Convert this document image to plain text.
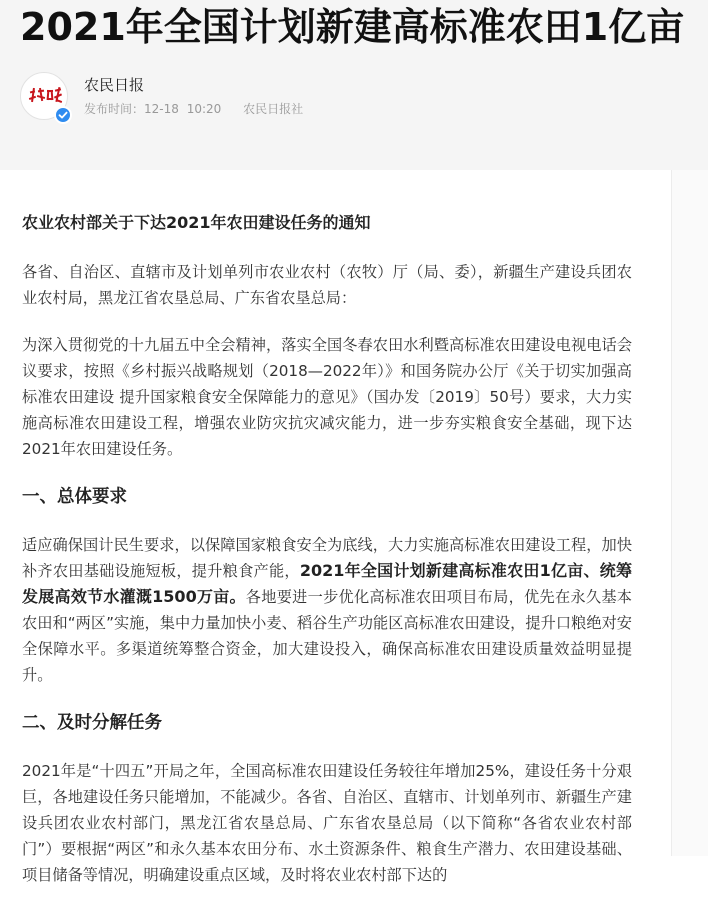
2021年全国计划新建高标准农田1亿亩
农民日报
发布时间：12-18 10:20 农民日报社

农业农村部关于下达2021年农田建设任务的通知

各省、自治区、直辖市及计划单列市农业农村（农牧）厅（局、委），新疆生产建设兵团农业农村局，黑龙江省农垦总局、广东省农垦总局：

为深入贯彻党的十九届五中全会精神，落实全国冬春农田水利暨高标准农田建设电视电话会议要求，按照《乡村振兴战略规划（2018—2022年）》和国务院办公厅《关于切实加强高标准农田建设 提升国家粮食安全保障能力的意见》（国办发〔2019〕50号）要求，大力实施高标准农田建设工程，增强农业防灾抗灾减灾能力，进一步夯实粮食安全基础，现下达2021年农田建设任务。

一、总体要求

适应确保国计民生要求，以保障国家粮食安全为底线，大力实施高标准农田建设工程，加快补齐农田基础设施短板，提升粮食产能，2021年全国计划新建高标准农田1亿亩、统筹发展高效节水灌溉1500万亩。各地要进一步优化高标准农田项目布局，优先在永久基本农田和“两区”实施，集中力量加快小麦、稻谷生产功能区高标准农田建设，提升口粮绝对安全保障水平。多渠道统筹整合资金，加大建设投入，确保高标准农田建设质量效益明显提升。

二、及时分解任务

2021年是“十四五”开局之年，全国高标准农田建设任务较往年增加25%，建设任务十分艰巨，各地建设任务只能增加，不能减少。各省、自治区、直辖市、计划单列市、新疆生产建设兵团农业农村部门，黑龙江省农垦总局、广东省农垦总局（以下简称“各省农业农村部门”）要根据“两区”和永久基本农田分布、水土资源条件、粮食生产潜力、农田建设基础、项目储备等情况，明确建设重点区域，及时将农业农村部下达的
